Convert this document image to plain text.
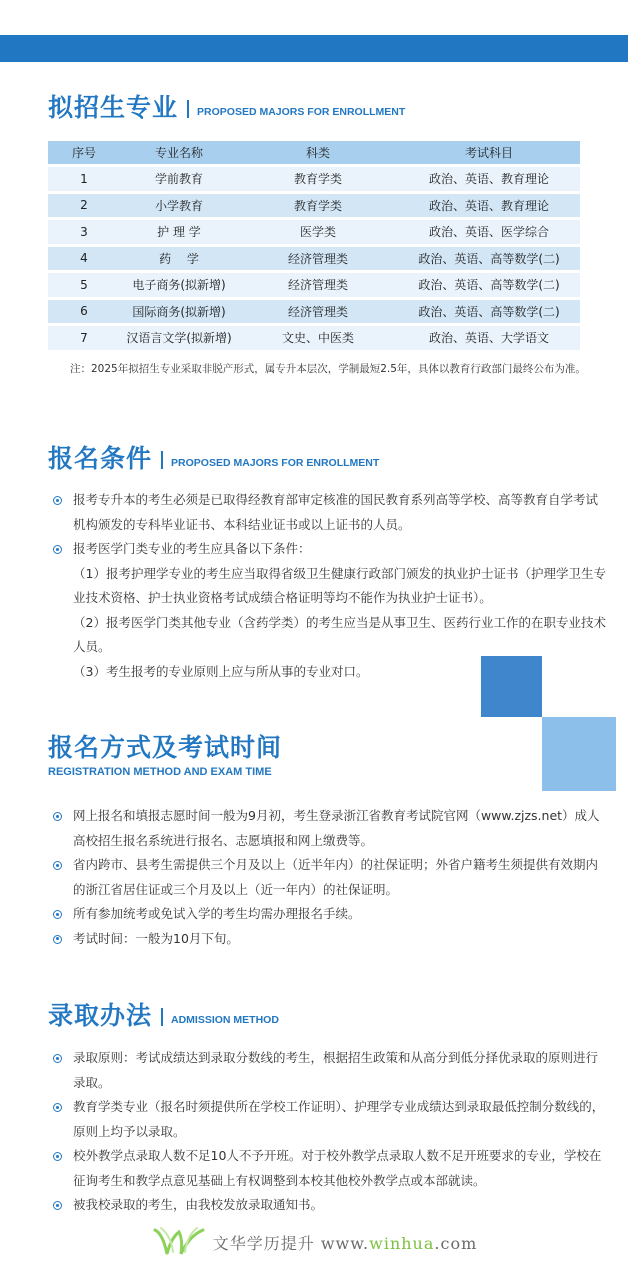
拟招生专业 PROPOSED MAJORS FOR ENROLLMENT
序号	专业名称	科类	考试科目
1	学前教育	教育学类	政治、英语、教育理论
2	小学教育	教育学类	政治、英语、教育理论
3	护 理 学	医学类	政治、英语、医学综合
4	药　 学	经济管理类	政治、英语、高等数学(二)
5	电子商务(拟新增)	经济管理类	政治、英语、高等数学(二)
6	国际商务(拟新增)	经济管理类	政治、英语、高等数学(二)
7	汉语言文学(拟新增)	文史、中医类	政治、英语、大学语文

注：2025年拟招生专业采取非脱产形式，属专升本层次，学制最短2.5年，具体以教育行政部门最终公布为准。

报名条件 PROPOSED MAJORS FOR ENROLLMENT
报考专升本的考生必须是已取得经教育部审定核准的国民教育系列高等学校、高等教育自学考试机构颁发的专科毕业证书、本科结业证书或以上证书的人员。
报考医学门类专业的考生应具备以下条件：
（1）报考护理学专业的考生应当取得省级卫生健康行政部门颁发的执业护士证书（护理学卫生专业技术资格、护士执业资格考试成绩合格证明等均不能作为执业护士证书）。
（2）报考医学门类其他专业（含药学类）的考生应当是从事卫生、医药行业工作的在职专业技术人员。
（3）考生报考的专业原则上应与所从事的专业对口。
报名方式及考试时间
REGISTRATION METHOD AND EXAM TIME
网上报名和填报志愿时间一般为9月初，考生登录浙江省教育考试院官网（www.zjzs.net）成人高校招生报名系统进行报名、志愿填报和网上缴费等。
省内跨市、县考生需提供三个月及以上（近半年内）的社保证明；外省户籍考生须提供有效期内的浙江省居住证或三个月及以上（近一年内）的社保证明。
所有参加统考或免试入学的考生均需办理报名手续。
考试时间：一般为10月下旬。
录取办法 ADMISSION METHOD
录取原则：考试成绩达到录取分数线的考生，根据招生政策和从高分到低分择优录取的原则进行录取。
教育学类专业（报名时须提供所在学校工作证明）、护理学专业成绩达到录取最低控制分数线的，原则上均予以录取。
校外教学点录取人数不足10人不予开班。对于校外教学点录取人数不足开班要求的专业，学校在征询考生和教学点意见基础上有权调整到本校其他校外教学点或本部就读。
被我校录取的考生，由我校发放录取通知书。
文华学历提升 www.winhua.com
